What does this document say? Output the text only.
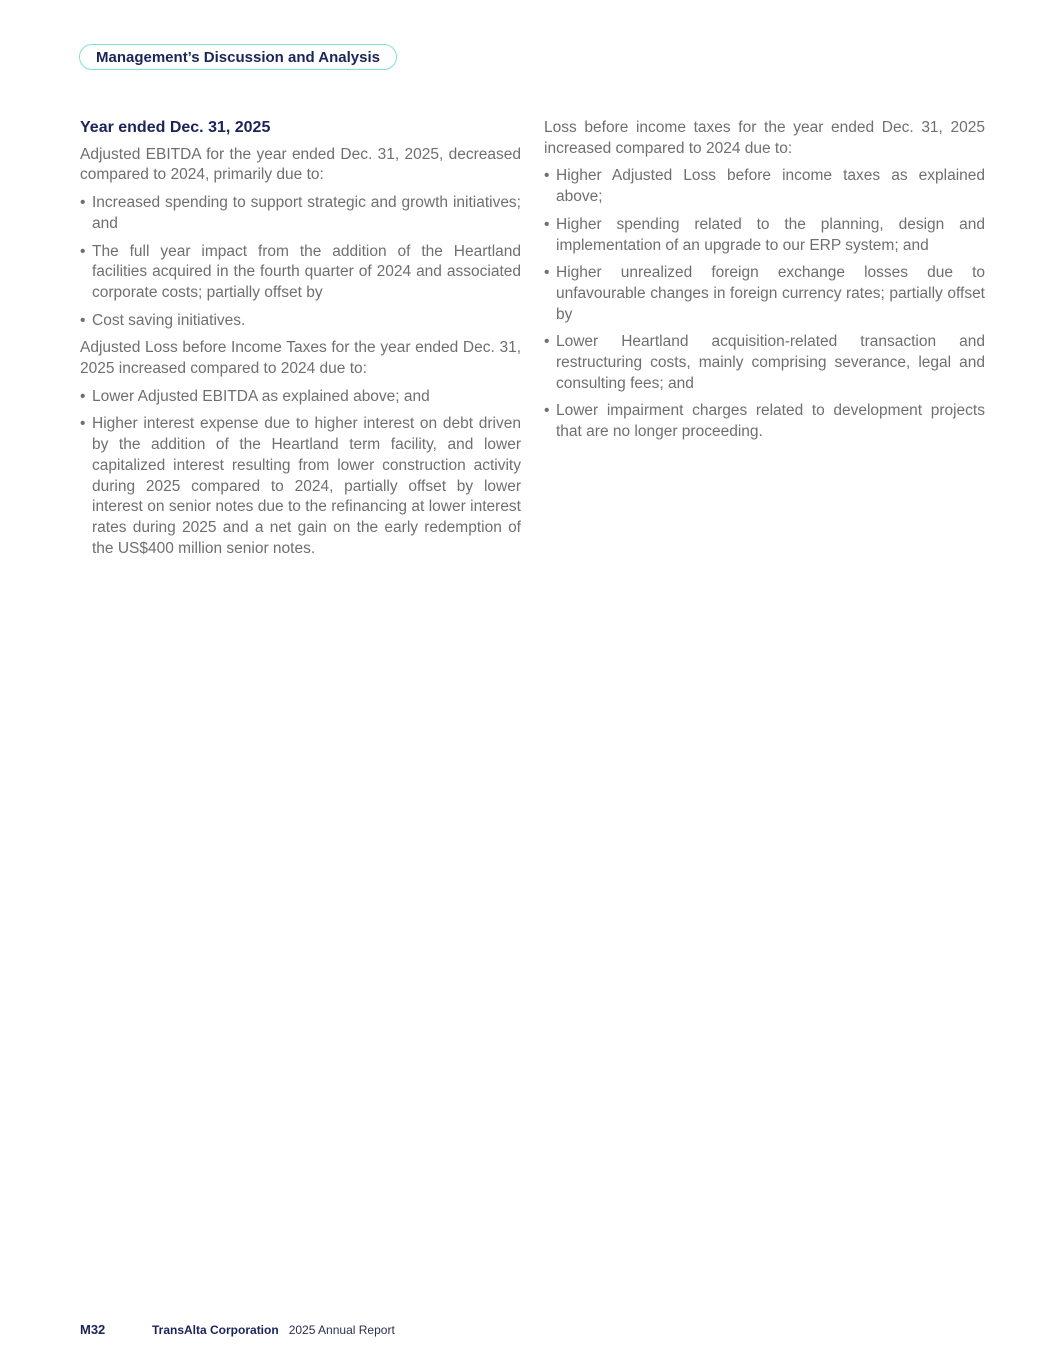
Management’s Discussion and Analysis
Year ended Dec. 31, 2025

Adjusted EBITDA for the year ended Dec. 31, 2025, decreased compared to 2024, primarily due to:

• Increased spending to support strategic and growth initiatives; and
• The full year impact from the addition of the Heartland facilities acquired in the fourth quarter of 2024 and associated corporate costs; partially offset by
• Cost saving initiatives.

Adjusted Loss before Income Taxes for the year ended Dec. 31, 2025 increased compared to 2024 due to:

• Lower Adjusted EBITDA as explained above; and
• Higher interest expense due to higher interest on debt driven by the addition of the Heartland term facility, and lower capitalized interest resulting from lower construction activity during 2025 compared to 2024, partially offset by lower interest on senior notes due to the refinancing at lower interest rates during 2025 and a net gain on the early redemption of the US$400 million senior notes.

Loss before income taxes for the year ended Dec. 31, 2025 increased compared to 2024 due to:

• Higher Adjusted Loss before income taxes as explained above;
• Higher spending related to the planning, design and implementation of an upgrade to our ERP system; and
• Higher unrealized foreign exchange losses due to unfavourable changes in foreign currency rates; partially offset by
• Lower Heartland acquisition-related transaction and restructuring costs, mainly comprising severance, legal and consulting fees; and
• Lower impairment charges related to development projects that are no longer proceeding.
M32	TransAlta Corporation 2025 Annual Report
